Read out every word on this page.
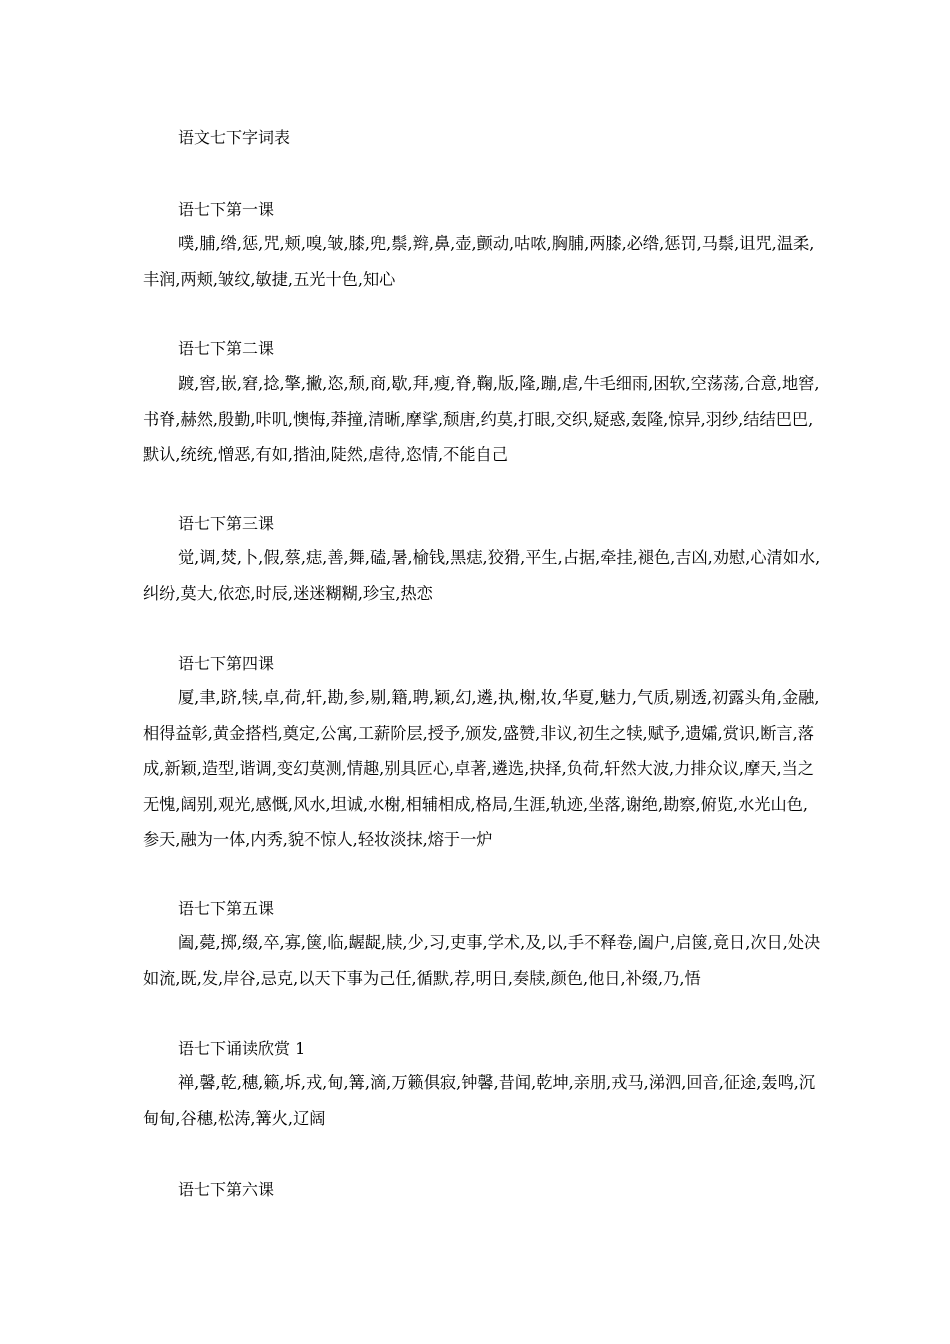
语文七下字词表
语七下第一课

噗,脯,绺,惩,咒,颊,嗅,皱,膝,兜,鬃,辫,鼻,壶,颤动,咕哝,胸脯,两膝,必绺,惩罚,马鬃,诅咒,温柔,丰润,两颊,皱纹,敏捷,五光十色,知心

语七下第二课

踱,窖,嵌,窘,捻,擎,撇,恣,颓,商,歇,拜,瘦,脊,鞠,版,隆,蹦,虐,牛毛细雨,困软,空荡荡,合意,地窖,书脊,赫然,殷勤,咔叽,懊悔,莽撞,清晰,摩挲,颓唐,约莫,打眼,交织,疑惑,轰隆,惊异,羽纱,结结巴巴,默认,统统,憎恶,有如,揩油,陡然,虐待,恣情,不能自己

语七下第三课

觉,调,焚,卜,假,蔡,痣,善,舞,磕,暑,榆钱,黑痣,狡猾,平生,占据,牵挂,褪色,吉凶,劝慰,心清如水,纠纷,莫大,依恋,时辰,迷迷糊糊,珍宝,热恋

语七下第四课

厦,聿,跻,犊,卓,荷,轩,勘,参,剔,籍,聘,颖,幻,遴,执,榭,妆,华夏,魅力,气质,剔透,初露头角,金融,相得益彰,黄金搭档,奠定,公寓,工薪阶层,授予,颁发,盛赞,非议,初生之犊,赋予,遗孀,赏识,断言,落成,新颖,造型,谐调,变幻莫测,情趣,别具匠心,卓著,遴选,抉择,负荷,轩然大波,力排众议,摩天,当之无愧,阔别,观光,感慨,风水,坦诚,水榭,相辅相成,格局,生涯,轨迹,坐落,谢绝,勘察,俯览,水光山色,参天,融为一体,内秀,貌不惊人,轻妆淡抹,熔于一炉

语七下第五课

阖,薨,掷,缀,卒,寡,箧,临,龌龊,牍,少,习,吏事,学术,及,以,手不释卷,阖户,启箧,竟日,次日,处决如流,既,发,岸谷,忌克,以天下事为己任,循默,荐,明日,奏牍,颜色,他日,补缀,乃,悟

语七下诵读欣赏 1

禅,馨,乾,穗,籁,坼,戎,甸,篝,滴,万籁俱寂,钟馨,昔闻,乾坤,亲朋,戎马,涕泗,回音,征途,轰鸣,沉甸甸,谷穗,松涛,篝火,辽阔

语七下第六课
